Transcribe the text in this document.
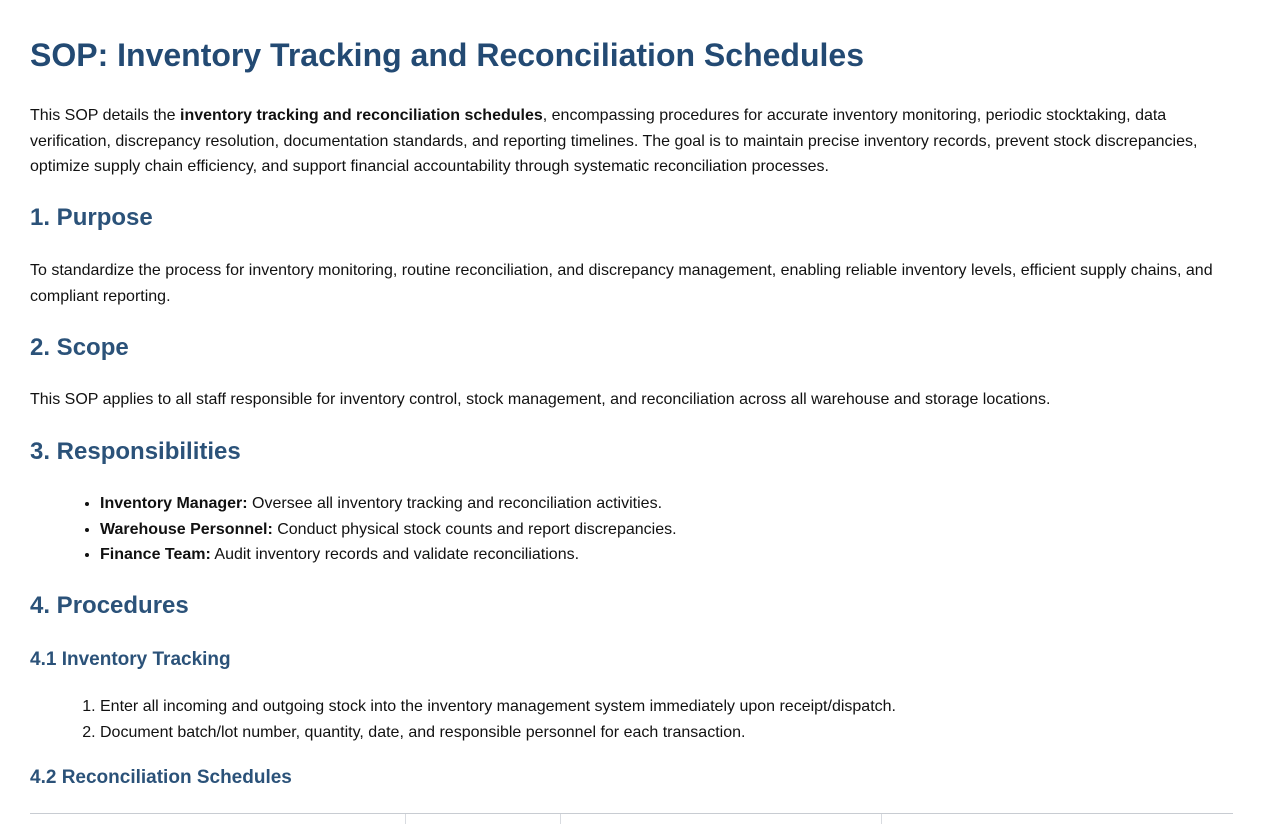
SOP: Inventory Tracking and Reconciliation Schedules

This SOP details the inventory tracking and reconciliation schedules, encompassing procedures for accurate inventory monitoring, periodic stocktaking, data verification, discrepancy resolution, documentation standards, and reporting timelines. The goal is to maintain precise inventory records, prevent stock discrepancies, optimize supply chain efficiency, and support financial accountability through systematic reconciliation processes.

1. Purpose

To standardize the process for inventory monitoring, routine reconciliation, and discrepancy management, enabling reliable inventory levels, efficient supply chains, and compliant reporting.

2. Scope

This SOP applies to all staff responsible for inventory control, stock management, and reconciliation across all warehouse and storage locations.

3. Responsibilities
• Inventory Manager: Oversee all inventory tracking and reconciliation activities.
• Warehouse Personnel: Conduct physical stock counts and report discrepancies.
• Finance Team: Audit inventory records and validate reconciliations.
4. Procedures
4.1 Inventory Tracking
1. Enter all incoming and outgoing stock into the inventory management system immediately upon receipt/dispatch.
2. Document batch/lot number, quantity, date, and responsible personnel for each transaction.
4.2 Reconciliation Schedules
